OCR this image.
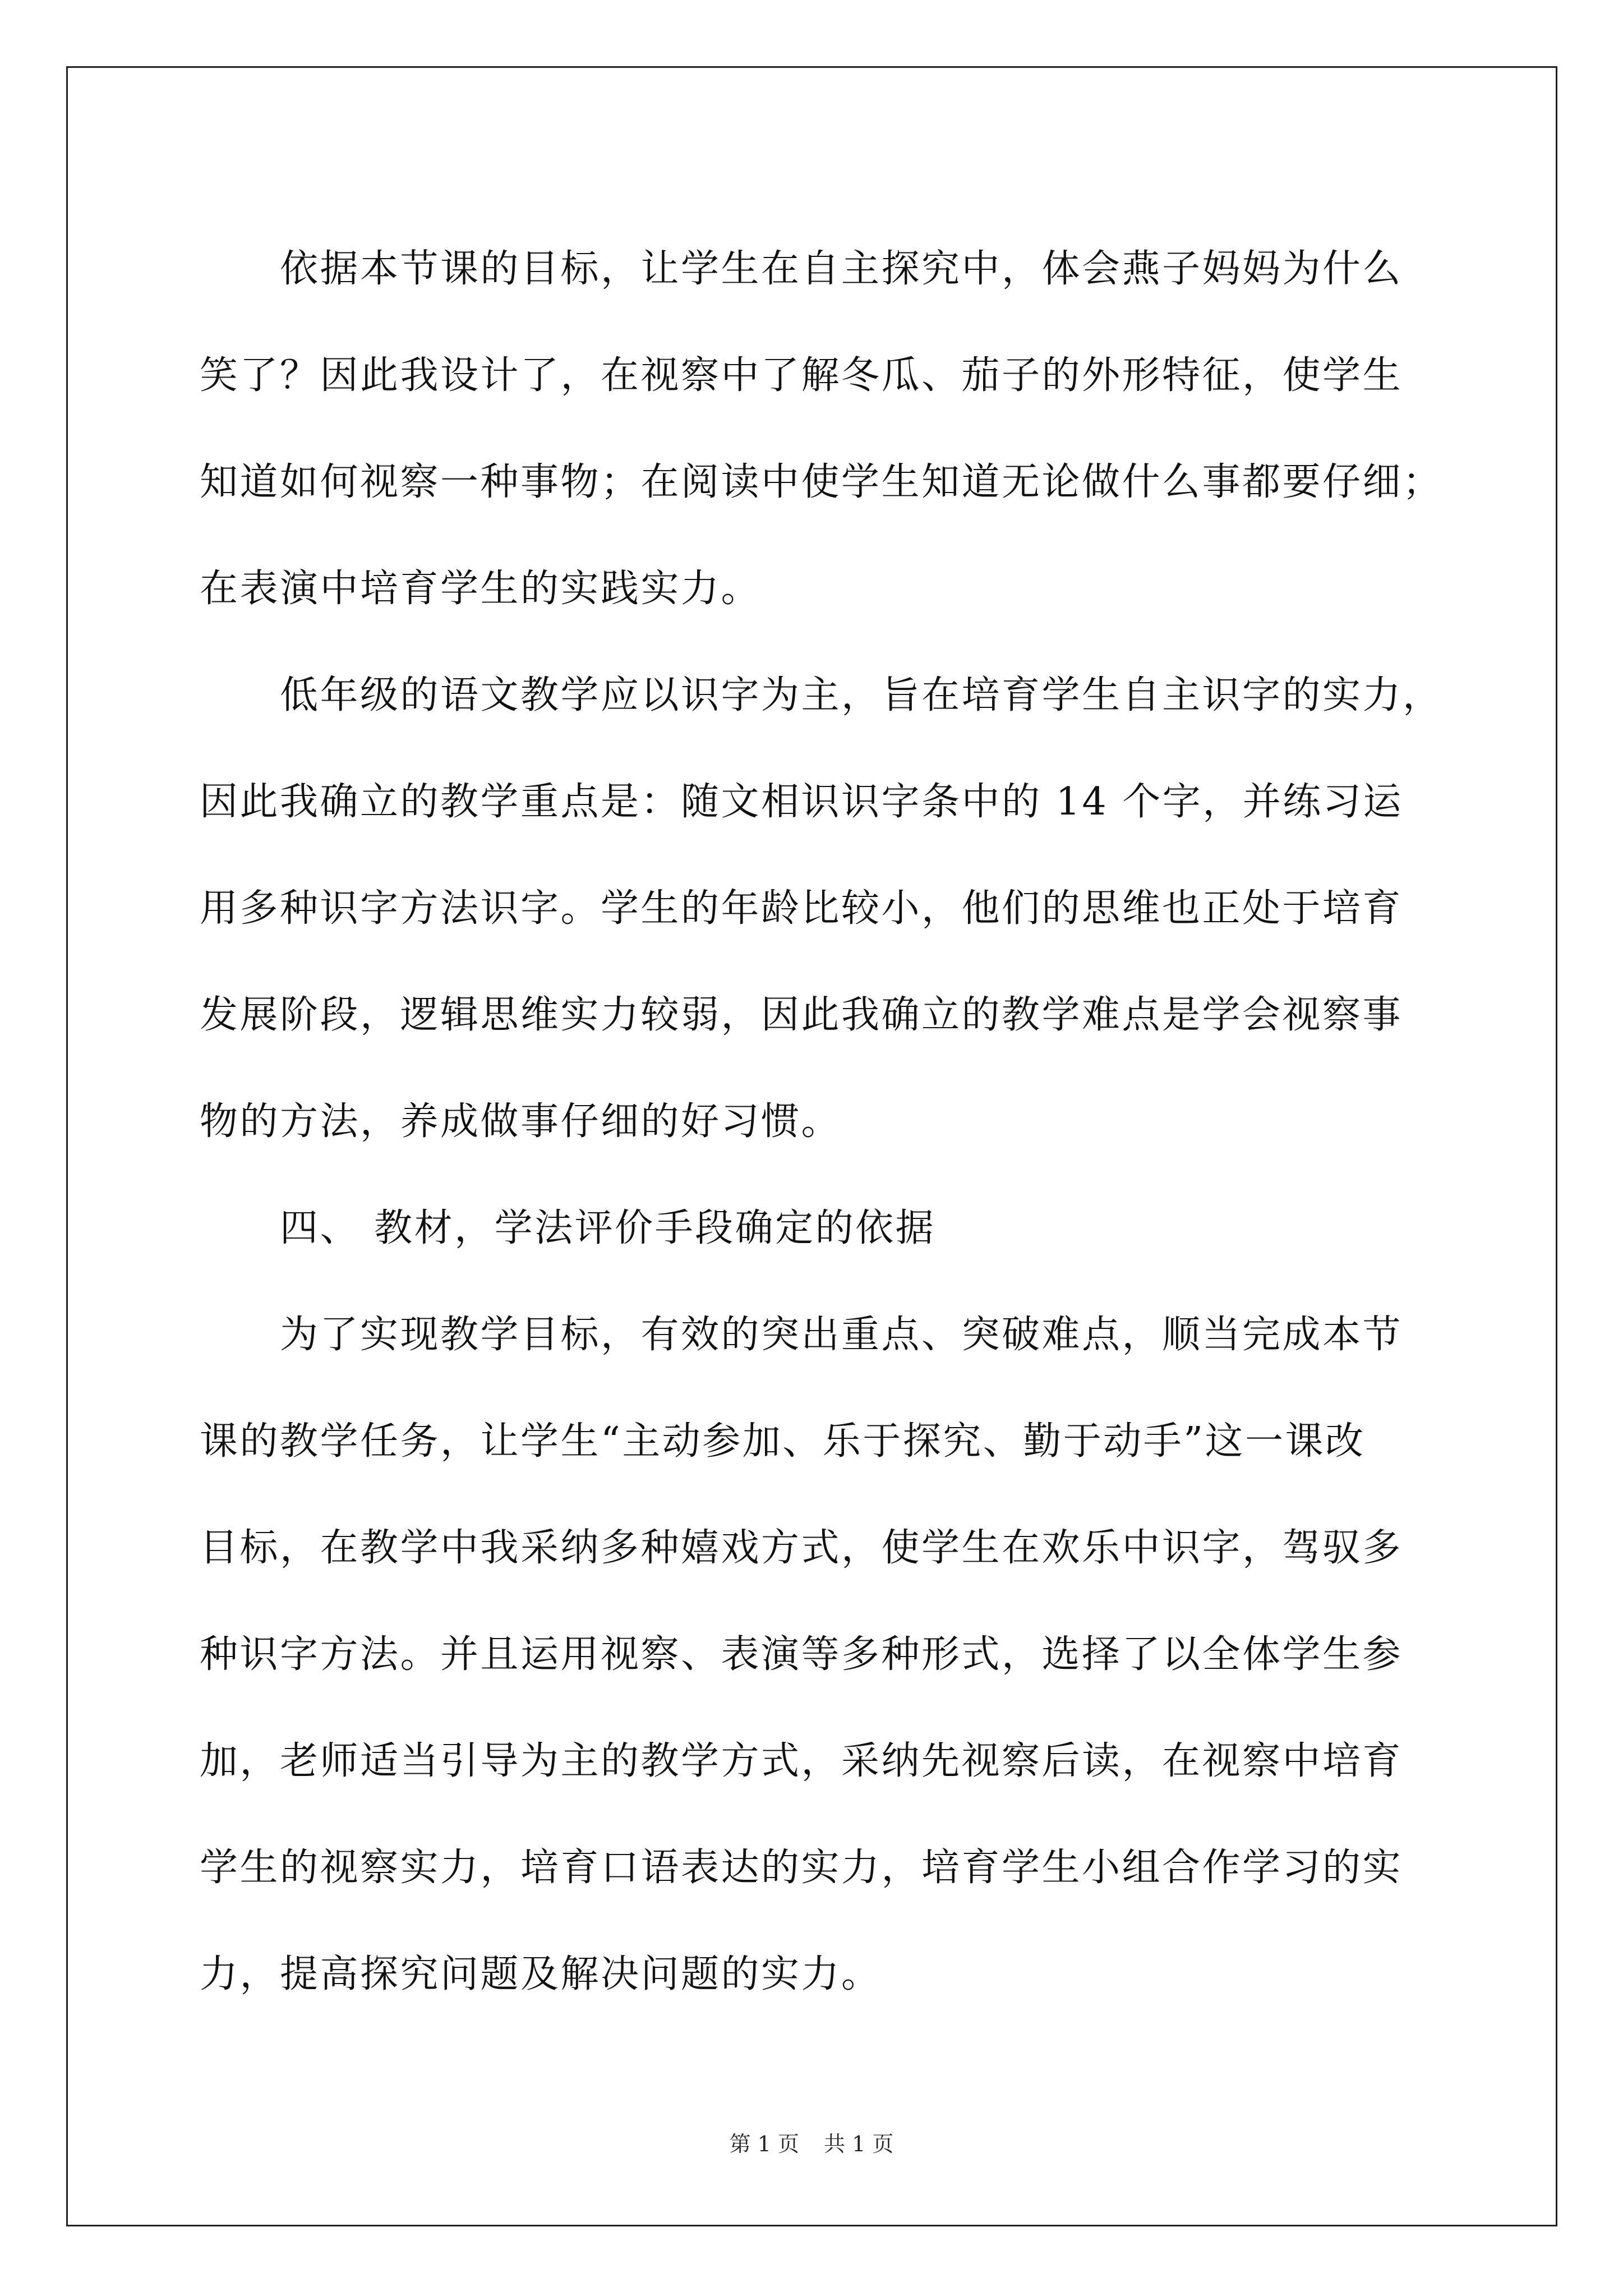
　　依据本节课的目标，让学生在自主探究中，体会燕子妈妈为什么
笑了？因此我设计了，在视察中了解冬瓜、茄子的外形特征，使学生
知道如何视察一种事物；在阅读中使学生知道无论做什么事都要仔细；
在表演中培育学生的实践实力。
　　低年级的语文教学应以识字为主，旨在培育学生自主识字的实力，
因此我确立的教学重点是：随文相识识字条中的 14 个字，并练习运
用多种识字方法识字。学生的年龄比较小，他们的思维也正处于培育
发展阶段，逻辑思维实力较弱，因此我确立的教学难点是学会视察事
物的方法，养成做事仔细的好习惯。
　　四、 教材，学法评价手段确定的依据
　　为了实现教学目标，有效的突出重点、突破难点，顺当完成本节
课的教学任务，让学生“主动参加、乐于探究、勤于动手”这一课改
目标，在教学中我采纳多种嬉戏方式，使学生在欢乐中识字，驾驭多
种识字方法。并且运用视察、表演等多种形式，选择了以全体学生参
加，老师适当引导为主的教学方式，采纳先视察后读，在视察中培育
学生的视察实力，培育口语表达的实力，培育学生小组合作学习的实
力，提高探究问题及解决问题的实力。
第 1 页 共 1 页
